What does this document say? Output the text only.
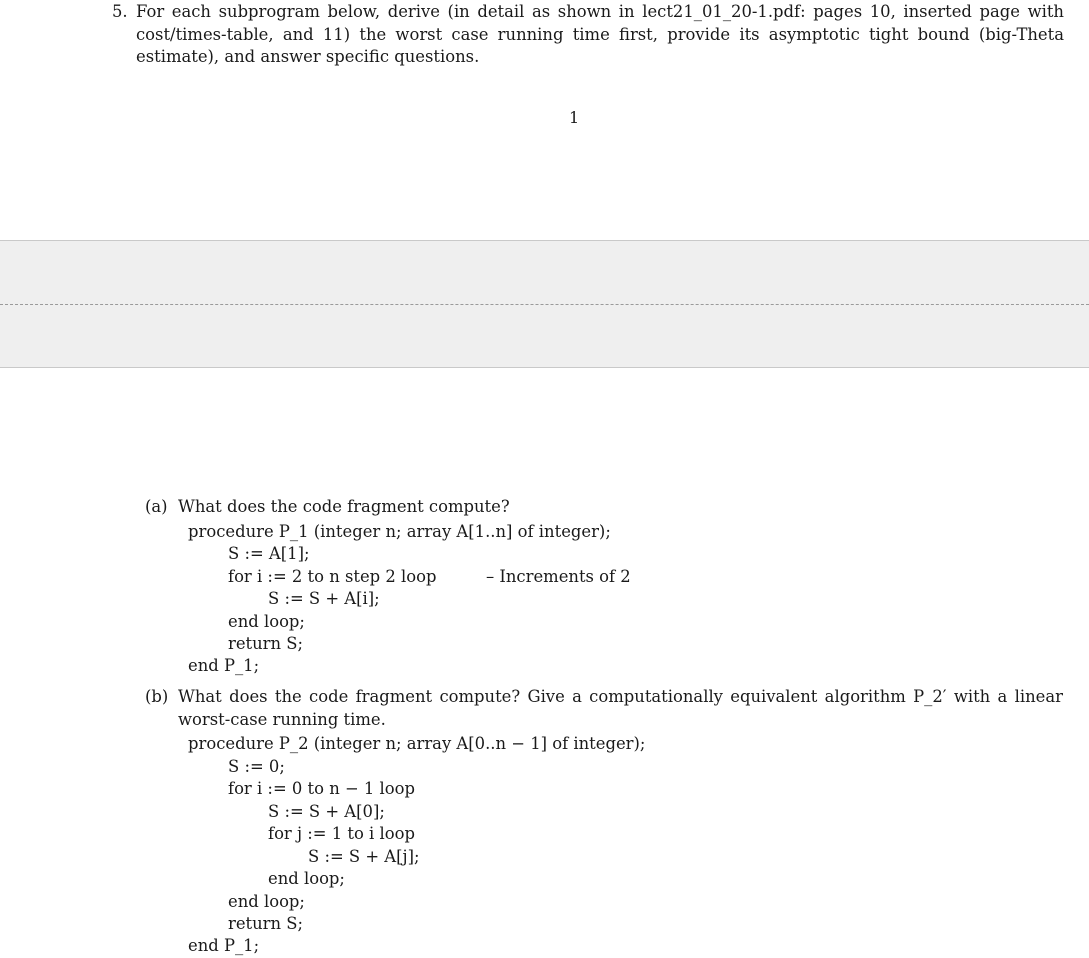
5. For each subprogram below, derive (in detail as shown in lect21_01_20-1.pdf: pages 10, inserted page with cost/times-table, and 11) the worst case running time first, provide its asymptotic tight bound (big-Theta estimate), and answer specific questions.
1
(a) What does the code fragment compute?
procedure P_1 (integer n; array A[1..n] of integer);
S := A[1];
for i := 2 to n step 2 loop	– Increments of 2
S := S + A[i];
end loop;
return S;
end P_1;
(b) What does the code fragment compute? Give a computationally equivalent algorithm P_2′ with a linear worst-case running time.
procedure P_2 (integer n; array A[0..n − 1] of integer);
S := 0;
for i := 0 to n − 1 loop
S := S + A[0];
for j := 1 to i loop
S := S + A[j];
end loop;
end loop;
return S;
end P_1;
